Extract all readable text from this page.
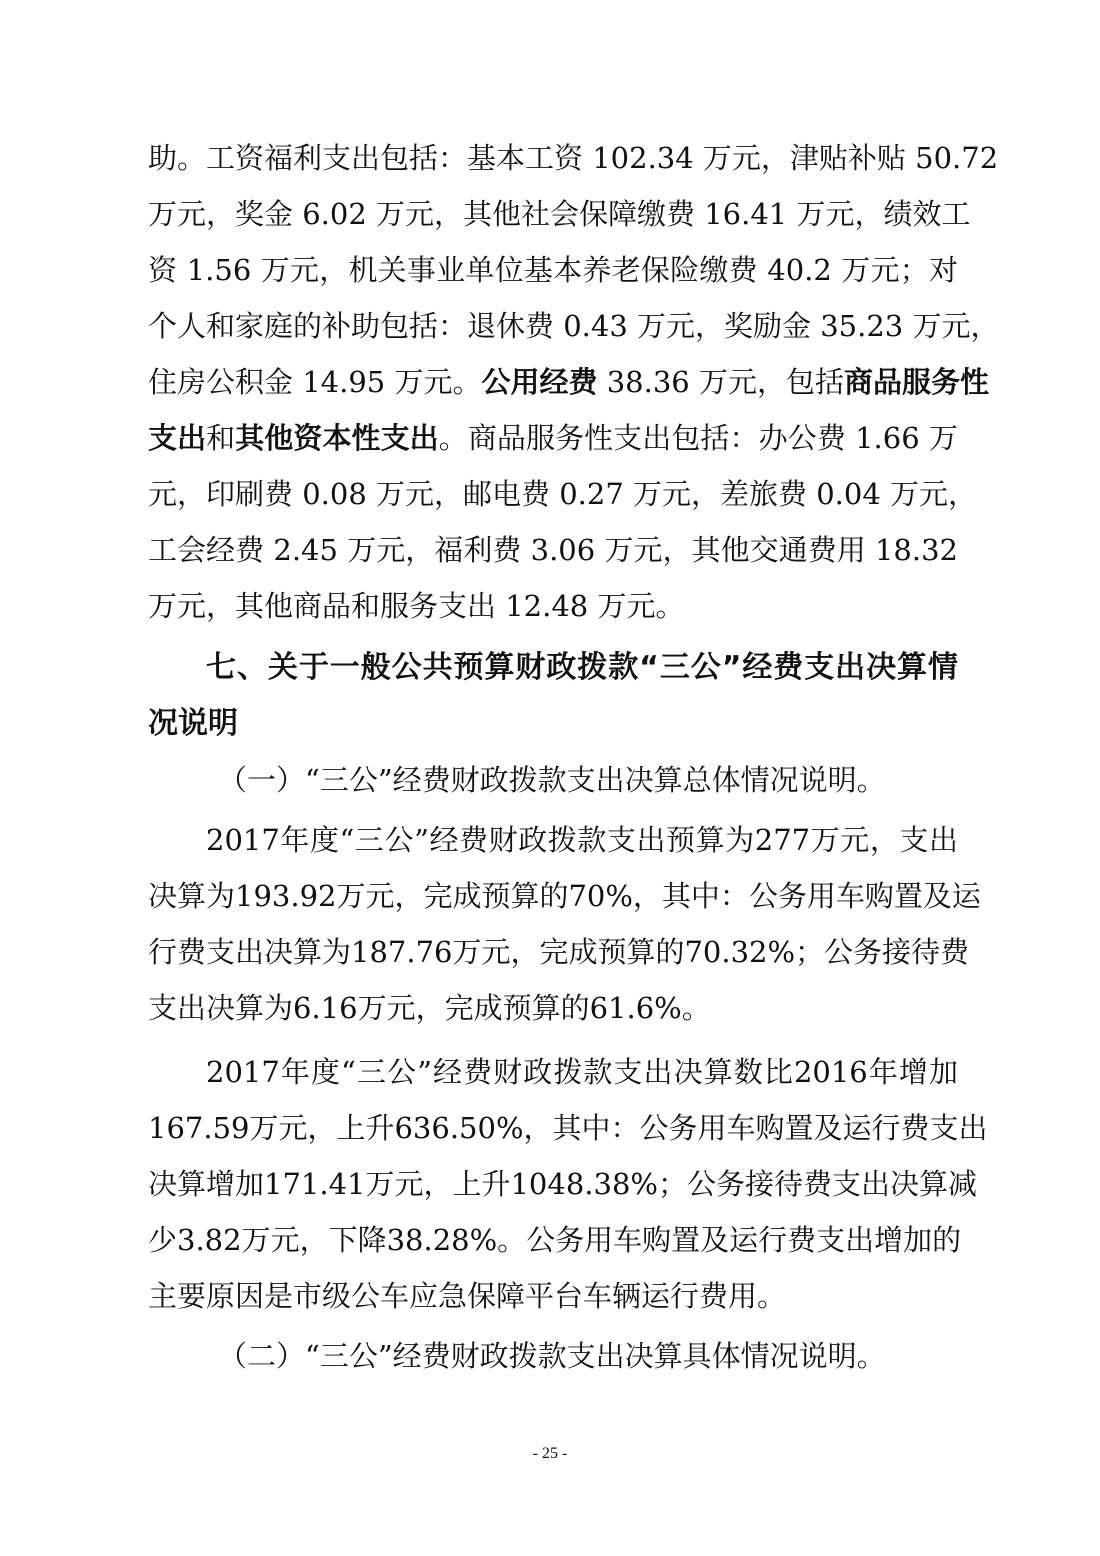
助。工资福利支出包括：基本工资 102.34 万元，津贴补贴 50.72
万元，奖金 6.02 万元，其他社会保障缴费 16.41 万元，绩效工
资 1.56 万元，机关事业单位基本养老保险缴费 40.2 万元；对
个人和家庭的补助包括：退休费 0.43 万元，奖励金 35.23 万元，
住房公积金 14.95 万元。公用经费 38.36 万元，包括商品服务性
支出和其他资本性支出。商品服务性支出包括：办公费 1.66 万
元，印刷费 0.08 万元，邮电费 0.27 万元，差旅费 0.04 万元，
工会经费 2.45 万元，福利费 3.06 万元，其他交通费用 18.32
万元，其他商品和服务支出 12.48 万元。
七、关于一般公共预算财政拨款“三公”经费支出决算情
况说明
（一）“三公”经费财政拨款支出决算总体情况说明。
2017年度“三公”经费财政拨款支出预算为277万元，支出
决算为193.92万元，完成预算的70%，其中：公务用车购置及运
行费支出决算为187.76万元，完成预算的70.32%；公务接待费
支出决算为6.16万元，完成预算的61.6%。
2017年度“三公”经费财政拨款支出决算数比2016年增加
167.59万元，上升636.50%，其中：公务用车购置及运行费支出
决算增加171.41万元，上升1048.38%；公务接待费支出决算减
少3.82万元，下降38.28%。公务用车购置及运行费支出增加的
主要原因是市级公车应急保障平台车辆运行费用。
（二）“三公”经费财政拨款支出决算具体情况说明。
- 25 -
